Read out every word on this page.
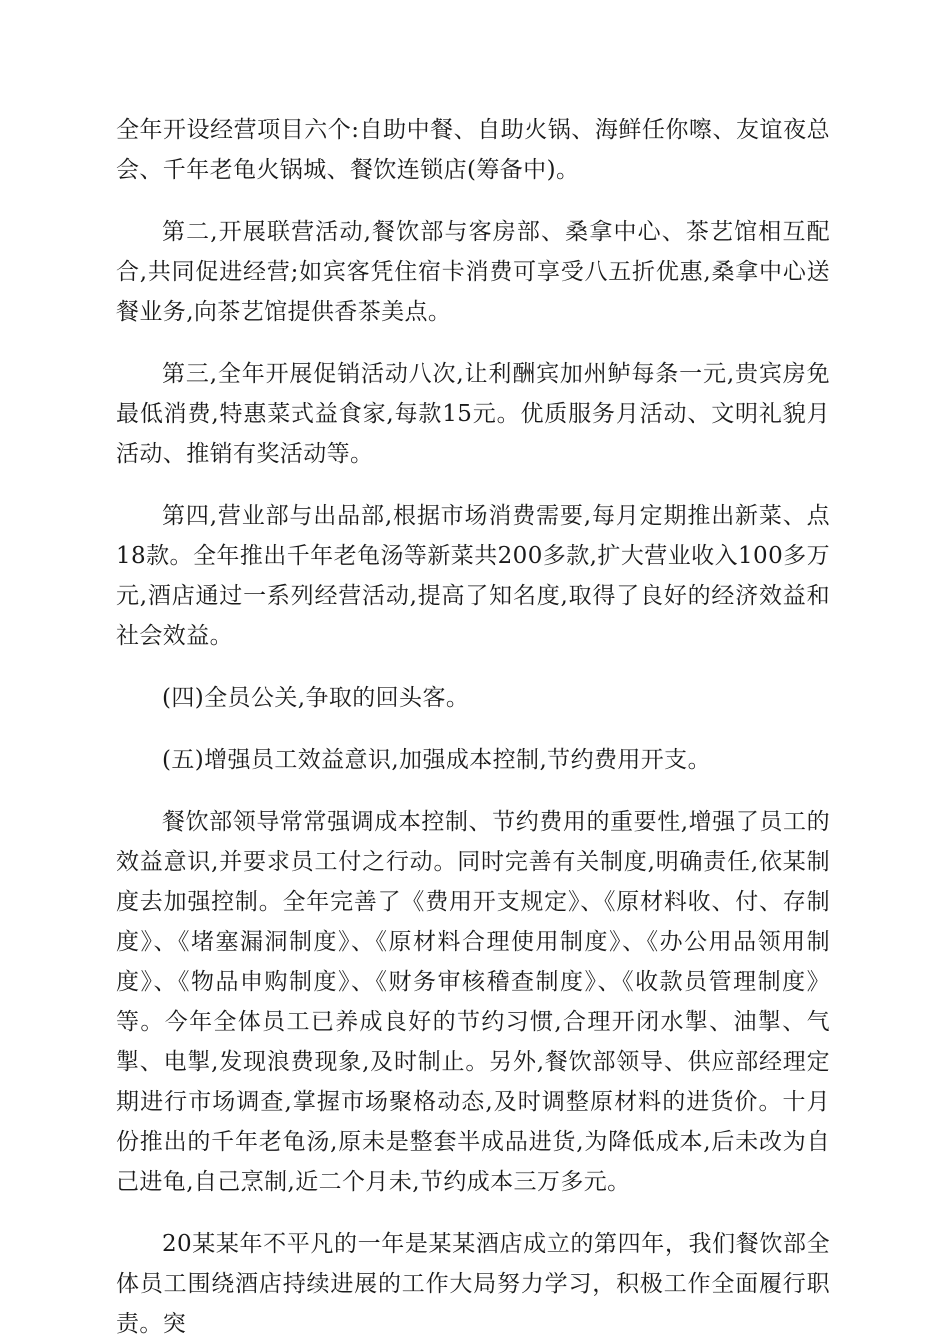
全年开设经营项目六个:自助中餐、自助火锅、海鲜任你嚓、友谊夜总会、千年老龟火锅城、餐饮连锁店(筹备中)。

第二,开展联营活动,餐饮部与客房部、桑拿中心、茶艺馆相互配合,共同促进经营;如宾客凭住宿卡消费可享受八五折优惠,桑拿中心送餐业务,向茶艺馆提供香茶美点。

第三,全年开展促销活动八次,让利酬宾加州鲈每条一元,贵宾房免最低消费,特惠菜式益食家,每款15元。优质服务月活动、文明礼貌月活动、推销有奖活动等。

第四,营业部与出品部,根据市场消费需要,每月定期推出新菜、点18款。全年推出千年老龟汤等新菜共200多款,扩大营业收入100多万元,酒店通过一系列经营活动,提高了知名度,取得了良好的经济效益和社会效益。

(四)全员公关,争取的回头客。

(五)增强员工效益意识,加强成本控制,节约费用开支。

餐饮部领导常常强调成本控制、节约费用的重要性,增强了员工的效益意识,并要求员工付之行动。同时完善有关制度,明确责任,依某制度去加强控制。全年完善了《费用开支规定》、《原材料收、付、存制度》、《堵塞漏洞制度》、《原材料合理使用制度》、《办公用品领用制度》、《物品申购制度》、《财务审核稽查制度》、《收款员管理制度》等。今年全体员工已养成良好的节约习惯,合理开闭水掣、油掣、气掣、电掣,发现浪费现象,及时制止。另外,餐饮部领导、供应部经理定期进行市场调查,掌握市场聚格动态,及时调整原材料的进货价。十月份推出的千年老龟汤,原未是整套半成品进货,为降低成本,后未改为自己进龟,自己烹制,近二个月未,节约成本三万多元。

20某某年不平凡的一年是某某酒店成立的第四年，我们餐饮部全体员工围绕酒店持续进展的工作大局努力学习，积极工作全面履行职责。突
